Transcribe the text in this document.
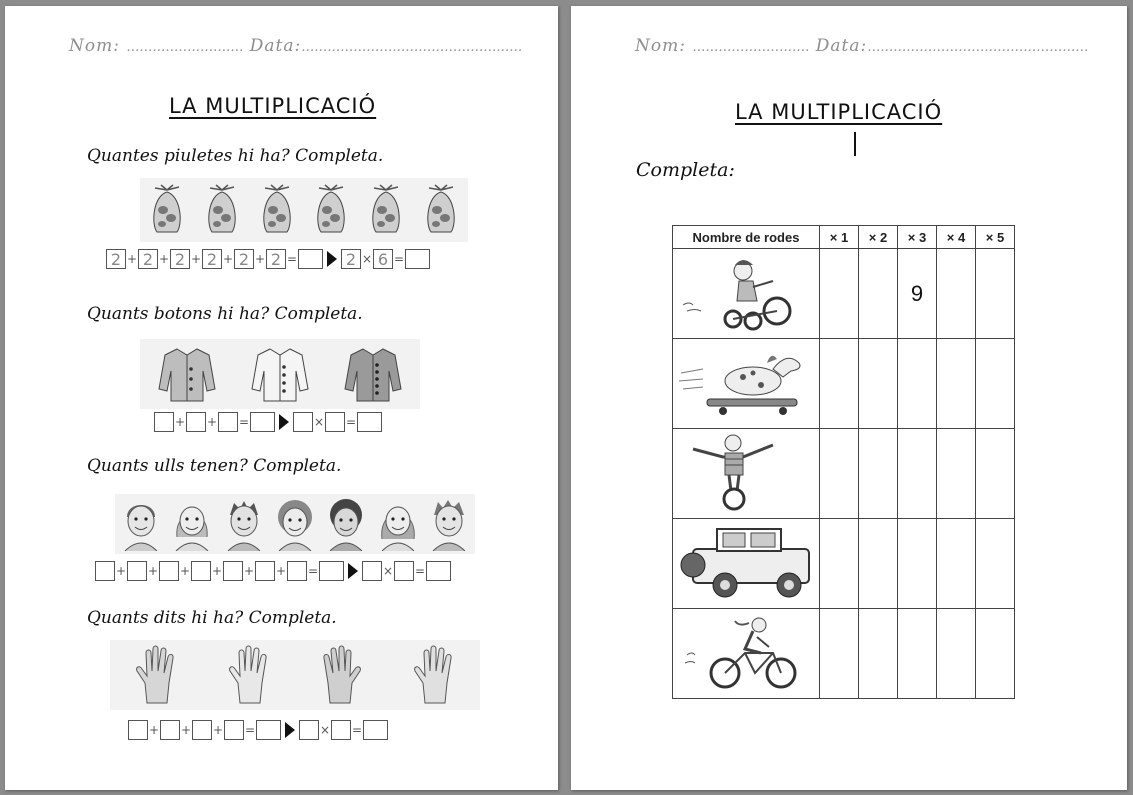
Nom: ……………………… Data:……………………………………………
LA MULTIPLICACIÓ
Quantes piuletes hi ha? Completa.
2 + 2 + 2 + 2 + 2 + 2 =	2 × 6 =
Quants botons hi ha? Completa.
+ + =	× =
Quants ulls tenen? Completa.
+ + + + + + =	× =
Quants dits hi ha? Completa.
+ + + =	× =
Nom: ……………………… Data:……………………………………………
LA MULTIPLICACIÓ
Completa:
Nombre de rodes	× 1	× 2	× 3	× 4	× 5
			9		
